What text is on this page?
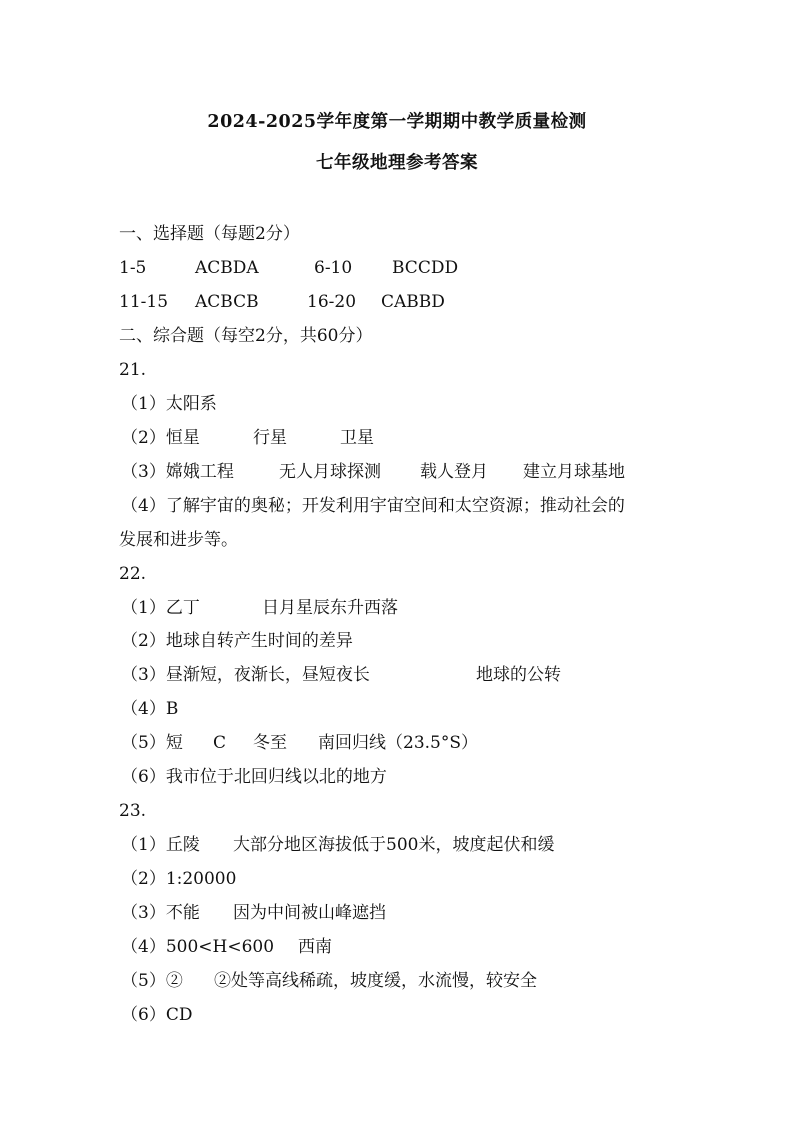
2024-2025学年度第一学期期中教学质量检测
七年级地理参考答案
一、选择题（每题2分）
1-5	ACBDA	6-10 BCCDD
11-15 ACBCB	16-20 CABBD
二、综合题（每空2分，共60分）
21.
（1）太阳系
（2）恒星	行星	卫星
（3）嫦娥工程	无人月球探测 载人登月 建立月球基地
（4）了解宇宙的奥秘；开发利用宇宙空间和太空资源；推动社会的
发展和进步等。
22.
（1）乙丁	日月星辰东升西落
（2）地球自转产生时间的差异
（3）昼渐短，夜渐长，昼短夜长	地球的公转
（4）B
（5）短 C 冬至 南回归线（23.5°S）
（6）我市位于北回归线以北的地方
23.
（1）丘陵 大部分地区海拔低于500米，坡度起伏和缓
（2）1:20000
（3）不能 因为中间被山峰遮挡
（4）500<H<600 西南
（5）② ②处等高线稀疏，坡度缓，水流慢，较安全
（6）CD
